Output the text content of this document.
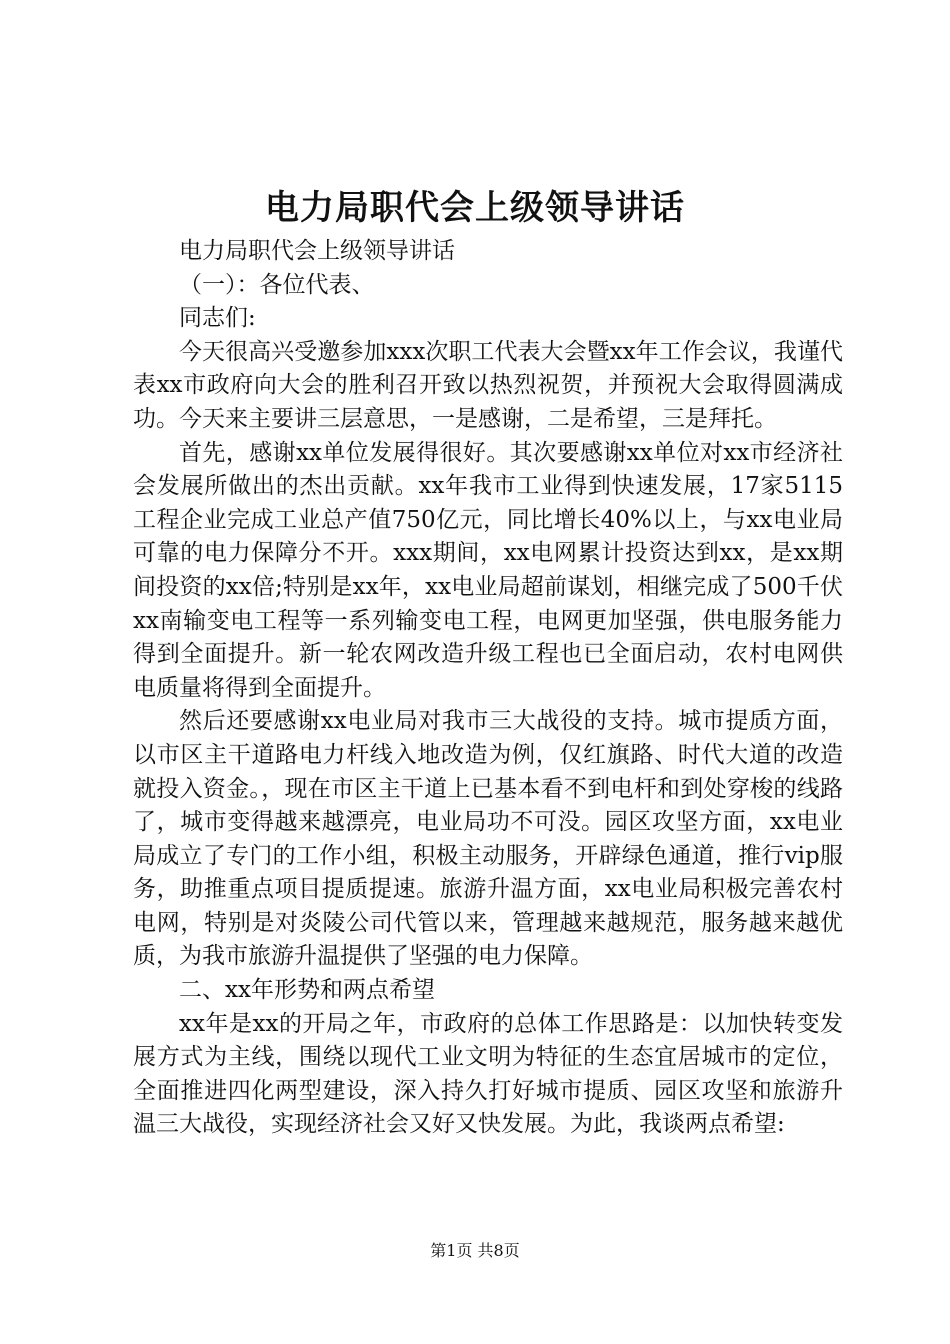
电力局职代会上级领导讲话

电力局职代会上级领导讲话

（一）：各位代表、

同志们:

今天很高兴受邀参加xxx次职工代表大会暨xx年工作会议，我谨代表xx市政府向大会的胜利召开致以热烈祝贺，并预祝大会取得圆满成功。今天来主要讲三层意思，一是感谢，二是希望，三是拜托。

首先，感谢xx单位发展得很好。其次要感谢xx单位对xx市经济社会发展所做出的杰出贡献。xx年我市工业得到快速发展，17家5115工程企业完成工业总产值750亿元，同比增长40%以上，与xx电业局可靠的电力保障分不开。xxx期间，xx电网累计投资达到xx，是xx期间投资的xx倍;特别是xx年，xx电业局超前谋划，相继完成了500千伏xx南输变电工程等一系列输变电工程，电网更加坚强，供电服务能力得到全面提升。新一轮农网改造升级工程也已全面启动，农村电网供电质量将得到全面提升。

然后还要感谢xx电业局对我市三大战役的支持。城市提质方面，以市区主干道路电力杆线入地改造为例，仅红旗路、时代大道的改造就投入资金。，现在市区主干道上已基本看不到电杆和到处穿梭的线路了，城市变得越来越漂亮，电业局功不可没。园区攻坚方面，xx电业局成立了专门的工作小组，积极主动服务，开辟绿色通道，推行vip服务，助推重点项目提质提速。旅游升温方面，xx电业局积极完善农村电网，特别是对炎陵公司代管以来，管理越来越规范，服务越来越优质，为我市旅游升温提供了坚强的电力保障。

二、xx年形势和两点希望

xx年是xx的开局之年，市政府的总体工作思路是：以加快转变发展方式为主线，围绕以现代工业文明为特征的生态宜居城市的定位，全面推进四化两型建设，深入持久打好城市提质、园区攻坚和旅游升温三大战役，实现经济社会又好又快发展。为此，我谈两点希望:

第1页 共8页
